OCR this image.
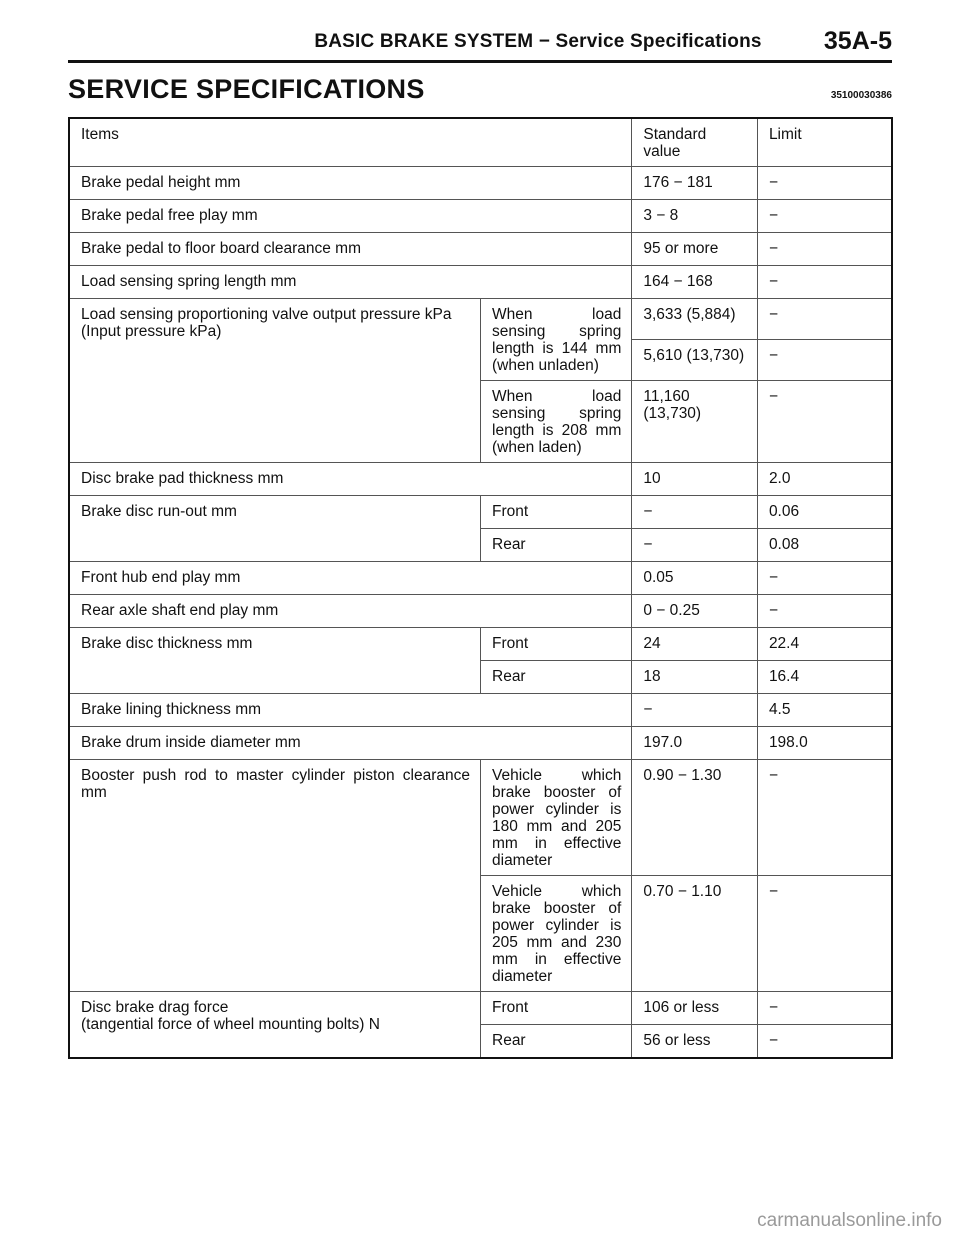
BASIC BRAKE SYSTEM − Service Specifications	35A-5
SERVICE SPECIFICATIONS	35100030386
Items		Standard value	Limit
Brake pedal height mm		176 − 181	−
Brake pedal free play mm		3 − 8	−
Brake pedal to floor board clearance mm		95 or more	−
Load sensing spring length mm		164 − 168	−

Load sensing proportioning valve output pressure kPa
(Input pressure kPa)	When load sensing spring length is 144 mm (when unladen)	3,633 (5,884)	−
		5,610 (13,730)	−
	When load sensing spring length is 208 mm (when laden)	11,160 (13,730)	−
Disc brake pad thickness mm		10	2.0
Brake disc run-out mm	Front	−	0.06
	Rear	−	0.08
Front hub end play mm		0.05	−
Rear axle shaft end play mm		0 − 0.25	−
Brake disc thickness mm	Front	24	22.4
	Rear	18	16.4
Brake lining thickness mm		−	4.5
Brake drum inside diameter mm		197.0	198.0
Booster push rod to master cylinder piston clearance mm	Vehicle which brake booster of power cylinder is 180 mm and 205 mm in effective diameter	0.90 − 1.30	−
	Vehicle which brake booster of power cylinder is 205 mm and 230 mm in effective diameter	0.70 − 1.10	−

Disc brake drag force
(tangential force of wheel mounting bolts) N	Front	106 or less	−
	Rear	56 or less	−
carmanualsonline.info
